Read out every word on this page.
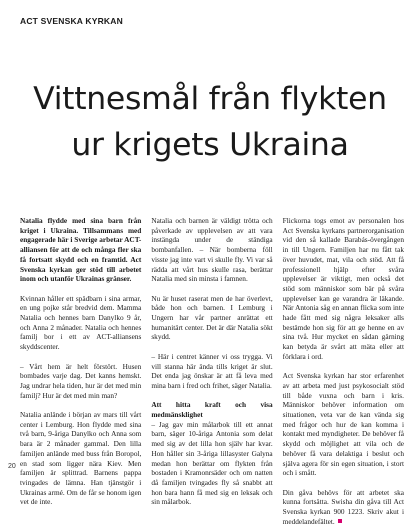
ACT SVENSKA KYRKAN

Vittnesmål från flykten
ur krigets Ukraina

Natalia flydde med sina barn från kriget i Ukraina. Tillsammans med engagerade här i Sverige arbetar ACT-alliansen för att de och många fler ska få fortsatt skydd och en framtid. Act Svenska kyrkan ger stöd till arbetet inom och utanför Ukrainas gränser.

Kvinnan håller ett spädbarn i sina armar, en ung pojke står bredvid dem. Mamma Natalia och hennes barn Danylko 9 år, och Anna 2 månader. Natalia och hennes familj bor i ett av ACT-alliansens skyddscenter.

– Vårt hem är helt förstört. Husen bombades varje dag. Det kanns hemskt. Jag undrar hela tiden, hur är det med min familj? Hur är det med min man?

Natalia anlände i början av mars till vårt center i Lemburg. Hon flydde med sina två barn, 9-åriga Danylko och Anna som bara är 2 månader gammal. Den lilla familjen anlände med buss från Boropol, en stad som ligger nära Kiev. Men familjen är splittrad. Barnens pappa tvingades de lämna. Han tjänstgör i Ukrainas armé. Om de får se honom igen vet de inte.

Natalia och barnen är väldigt trötta och påverkade av upplevelsen av att vara instängda under de ständiga bombanfallen. – När bomberna föll visste jag inte vart vi skulle fly. Vi var så rädda att vårt hus skulle rasa, berättar Natalia med sin minsta i famnen.

Nu är huset raserat men de har överlevt, både hon och barnen. I Lemburg i Ungern har vår partner anrättat ett humanitärt center. Det är där Natalia sökt skydd.

– Här i centret känner vi oss trygga. Vi vill stanna här ända tills kriget är slut. Det enda jag önskar är att få leva med mina barn i fred och frihet, säger Natalia.

Att hitta kraft och visa medmänsklighet
– Jag gav min målarbok till ett annat barn, säger 10-åriga Antonia som delat med sig av det lilla hon själv har kvar. Hon håller sin 3-åriga lillasyster Galyna medan hon berättar om flykten från bostaden i Kramonrsäder och om natten då familjen tvingades fly så snabbt att hon bara hann få med sig en leksak och sin målarbok.

Flickorna togs emot av personalen hos Act Svenska kyrkans partnerorganisation vid den så kallade Barabás-övergången in till Ungern. Familjen har nu fått tak över huvudet, mat, vila och stöd. Att få professionell hjälp efter svåra upplevelser är viktigt, men också det stöd som människor som bär på svåra upplevelser kan ge varandra är läkande. När Antonia såg en annan flicka som inte hade fått med sig några leksaker alls bestämde hon sig för att ge henne en av sina två. Hur mycket en sådan gärning kan betyda är svårt att mäta eller att förklara i ord.

Act Svenska kyrkan har stor erfarenhet av att arbeta med just psykosocialt stöd till både vuxna och barn i kris. Människor behöver information om situationen, veta var de kan vända sig med frågor och hur de kan komma i kontakt med myndigheter. De behöver få skydd och möjlighet att vila och de behöver få vara delaktiga i beslut och själva agera för sin egen situation, i stort och i smått.

Din gåva behövs för att arbetet ska kunna fortsätta. Swisha din gåva till Act Svenska kyrkan 900 1223. Skriv akut i meddelandefältet.

20
